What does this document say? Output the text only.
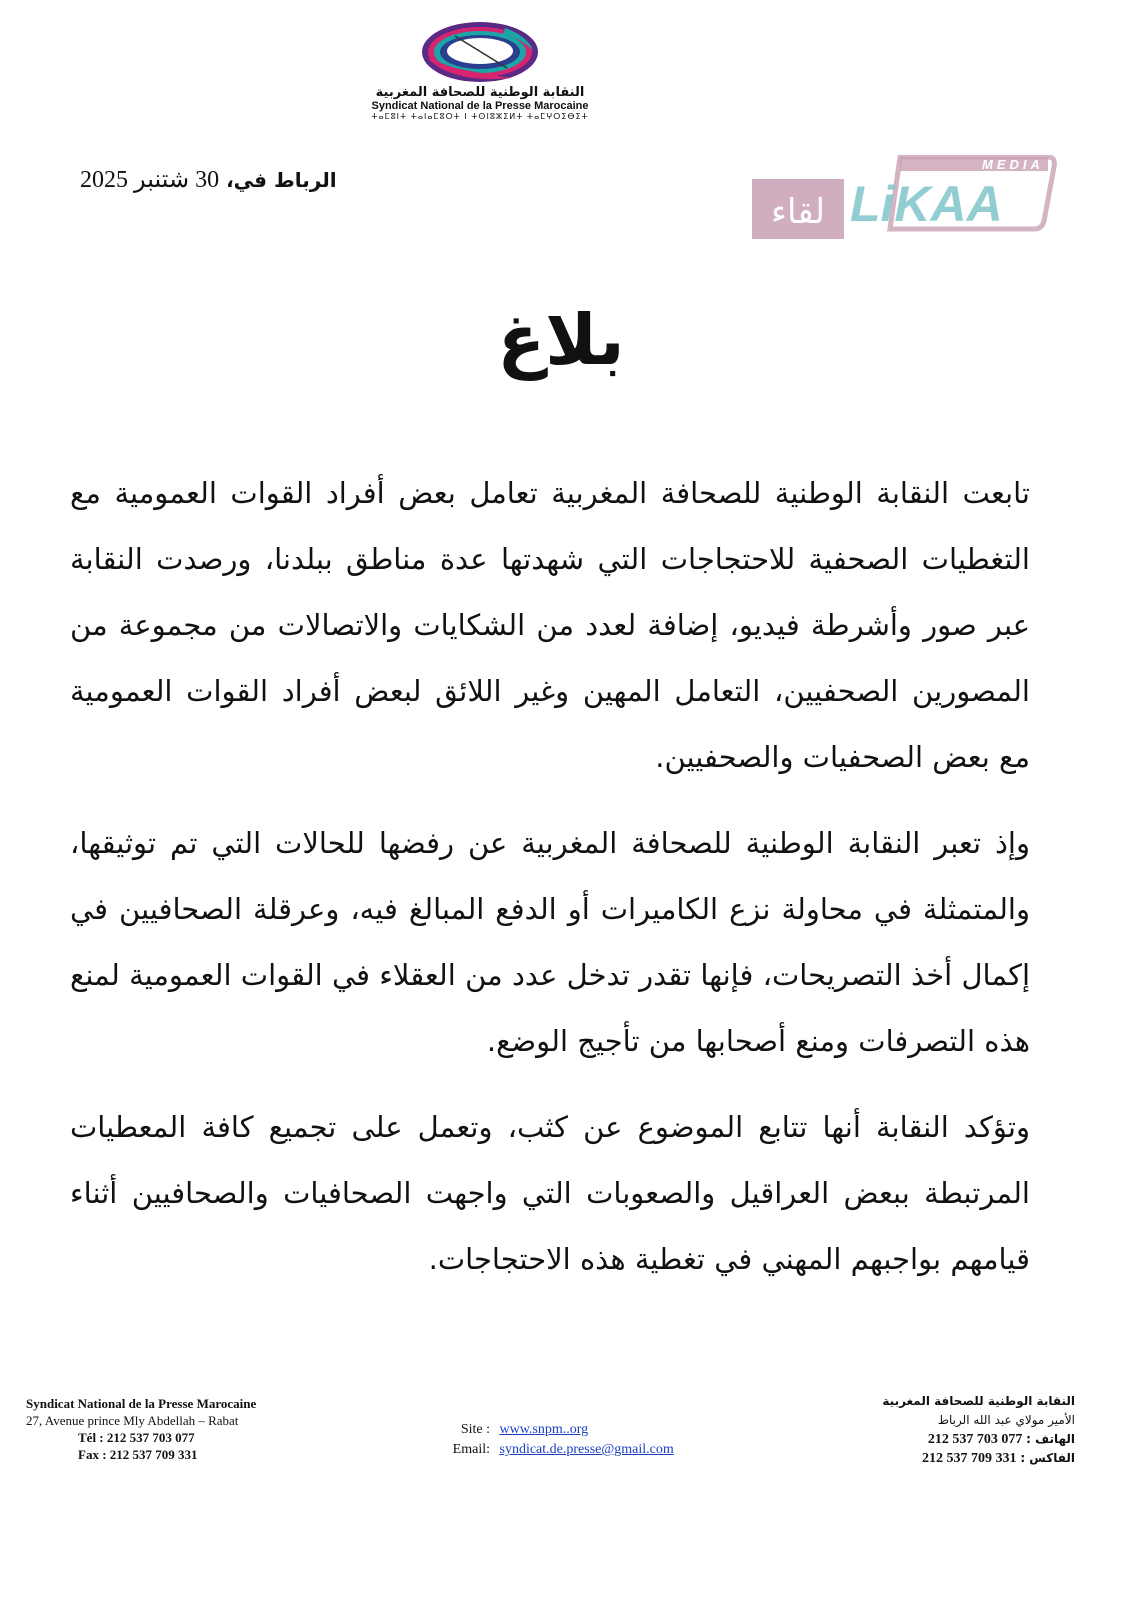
النقابة الوطنية للصحافة المغربية
Syndicat National de la Presse Marocaine
ⵜⴰⵎⵓⵏⵜ ⵜⴰⵏⴰⵎⵓⵔⵜ ⵏ ⵜⵙⵏⵓⵣⵉⵍⵜ ⵜⴰⵎⵖⵔⵉⴱⵉⵜ
الرباط في، 30 شتنبر 2025
MEDIA
LiKAA
لقاء
بلاغ

تابعت النقابة الوطنية للصحافة المغربية تعامل بعض أفراد القوات العمومية مع التغطيات الصحفية للاحتجاجات التي شهدتها عدة مناطق ببلدنا، ورصدت النقابة عبر صور وأشرطة فيديو، إضافة لعدد من الشكايات والاتصالات من مجموعة من المصورين الصحفيين، التعامل المهين وغير اللائق لبعض أفراد القوات العمومية مع بعض الصحفيات والصحفيين.

وإذ تعبر النقابة الوطنية للصحافة المغربية عن رفضها للحالات التي تم توثيقها، والمتمثلة في محاولة نزع الكاميرات أو الدفع المبالغ فيه، وعرقلة الصحافيين في إكمال أخذ التصريحات، فإنها تقدر تدخل عدد من العقلاء في القوات العمومية لمنع هذه التصرفات ومنع أصحابها من تأجيج الوضع.

وتؤكد النقابة أنها تتابع الموضوع عن كثب، وتعمل على تجميع كافة المعطيات المرتبطة ببعض العراقيل والصعوبات التي واجهت الصحافيات والصحافيين أثناء قيامهم بواجبهم المهني في تغطية هذه الاحتجاجات.

Syndicat National de la Presse Marocaine
27, Avenue prince Mly Abdellah – Rabat
Tél : 212 537 703 077
Fax : 212 537 709 331
Site : www.snpm..org
Email: syndicat.de.presse@gmail.com
النقابة الوطنية للصحافة المغربية
الأمير مولاي عبد الله الرباط
الهاتف : 212 537 703 077
الفاكس : 212 537 709 331
